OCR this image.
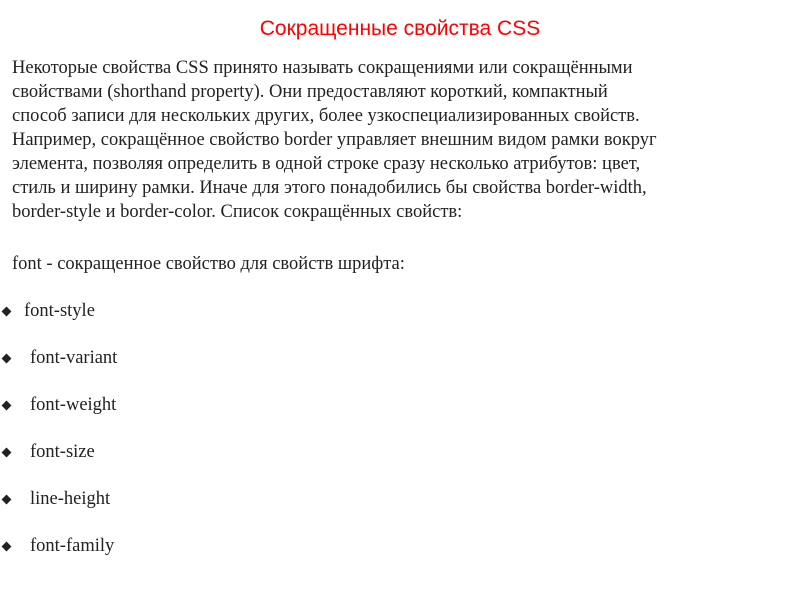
Сокращенные свойства CSS

Некоторые свойства CSS принято называть сокращениями или сокращёнными
свойствами (shorthand property). Они предоставляют короткий, компактный
способ записи для нескольких других, более узкоспециализированных свойств.
Например, сокращённое свойство border управляет внешним видом рамки вокруг
элемента, позволяя определить в одной строке сразу несколько атрибутов: цвет,
стиль и ширину рамки. Иначе для этого понадобились бы свойства border-width,
border-style и border-color. Список сокращённых свойств:

font - сокращенное свойство для свойств шрифта:

font-style
font-variant
font-weight
font-size
line-height
font-family
